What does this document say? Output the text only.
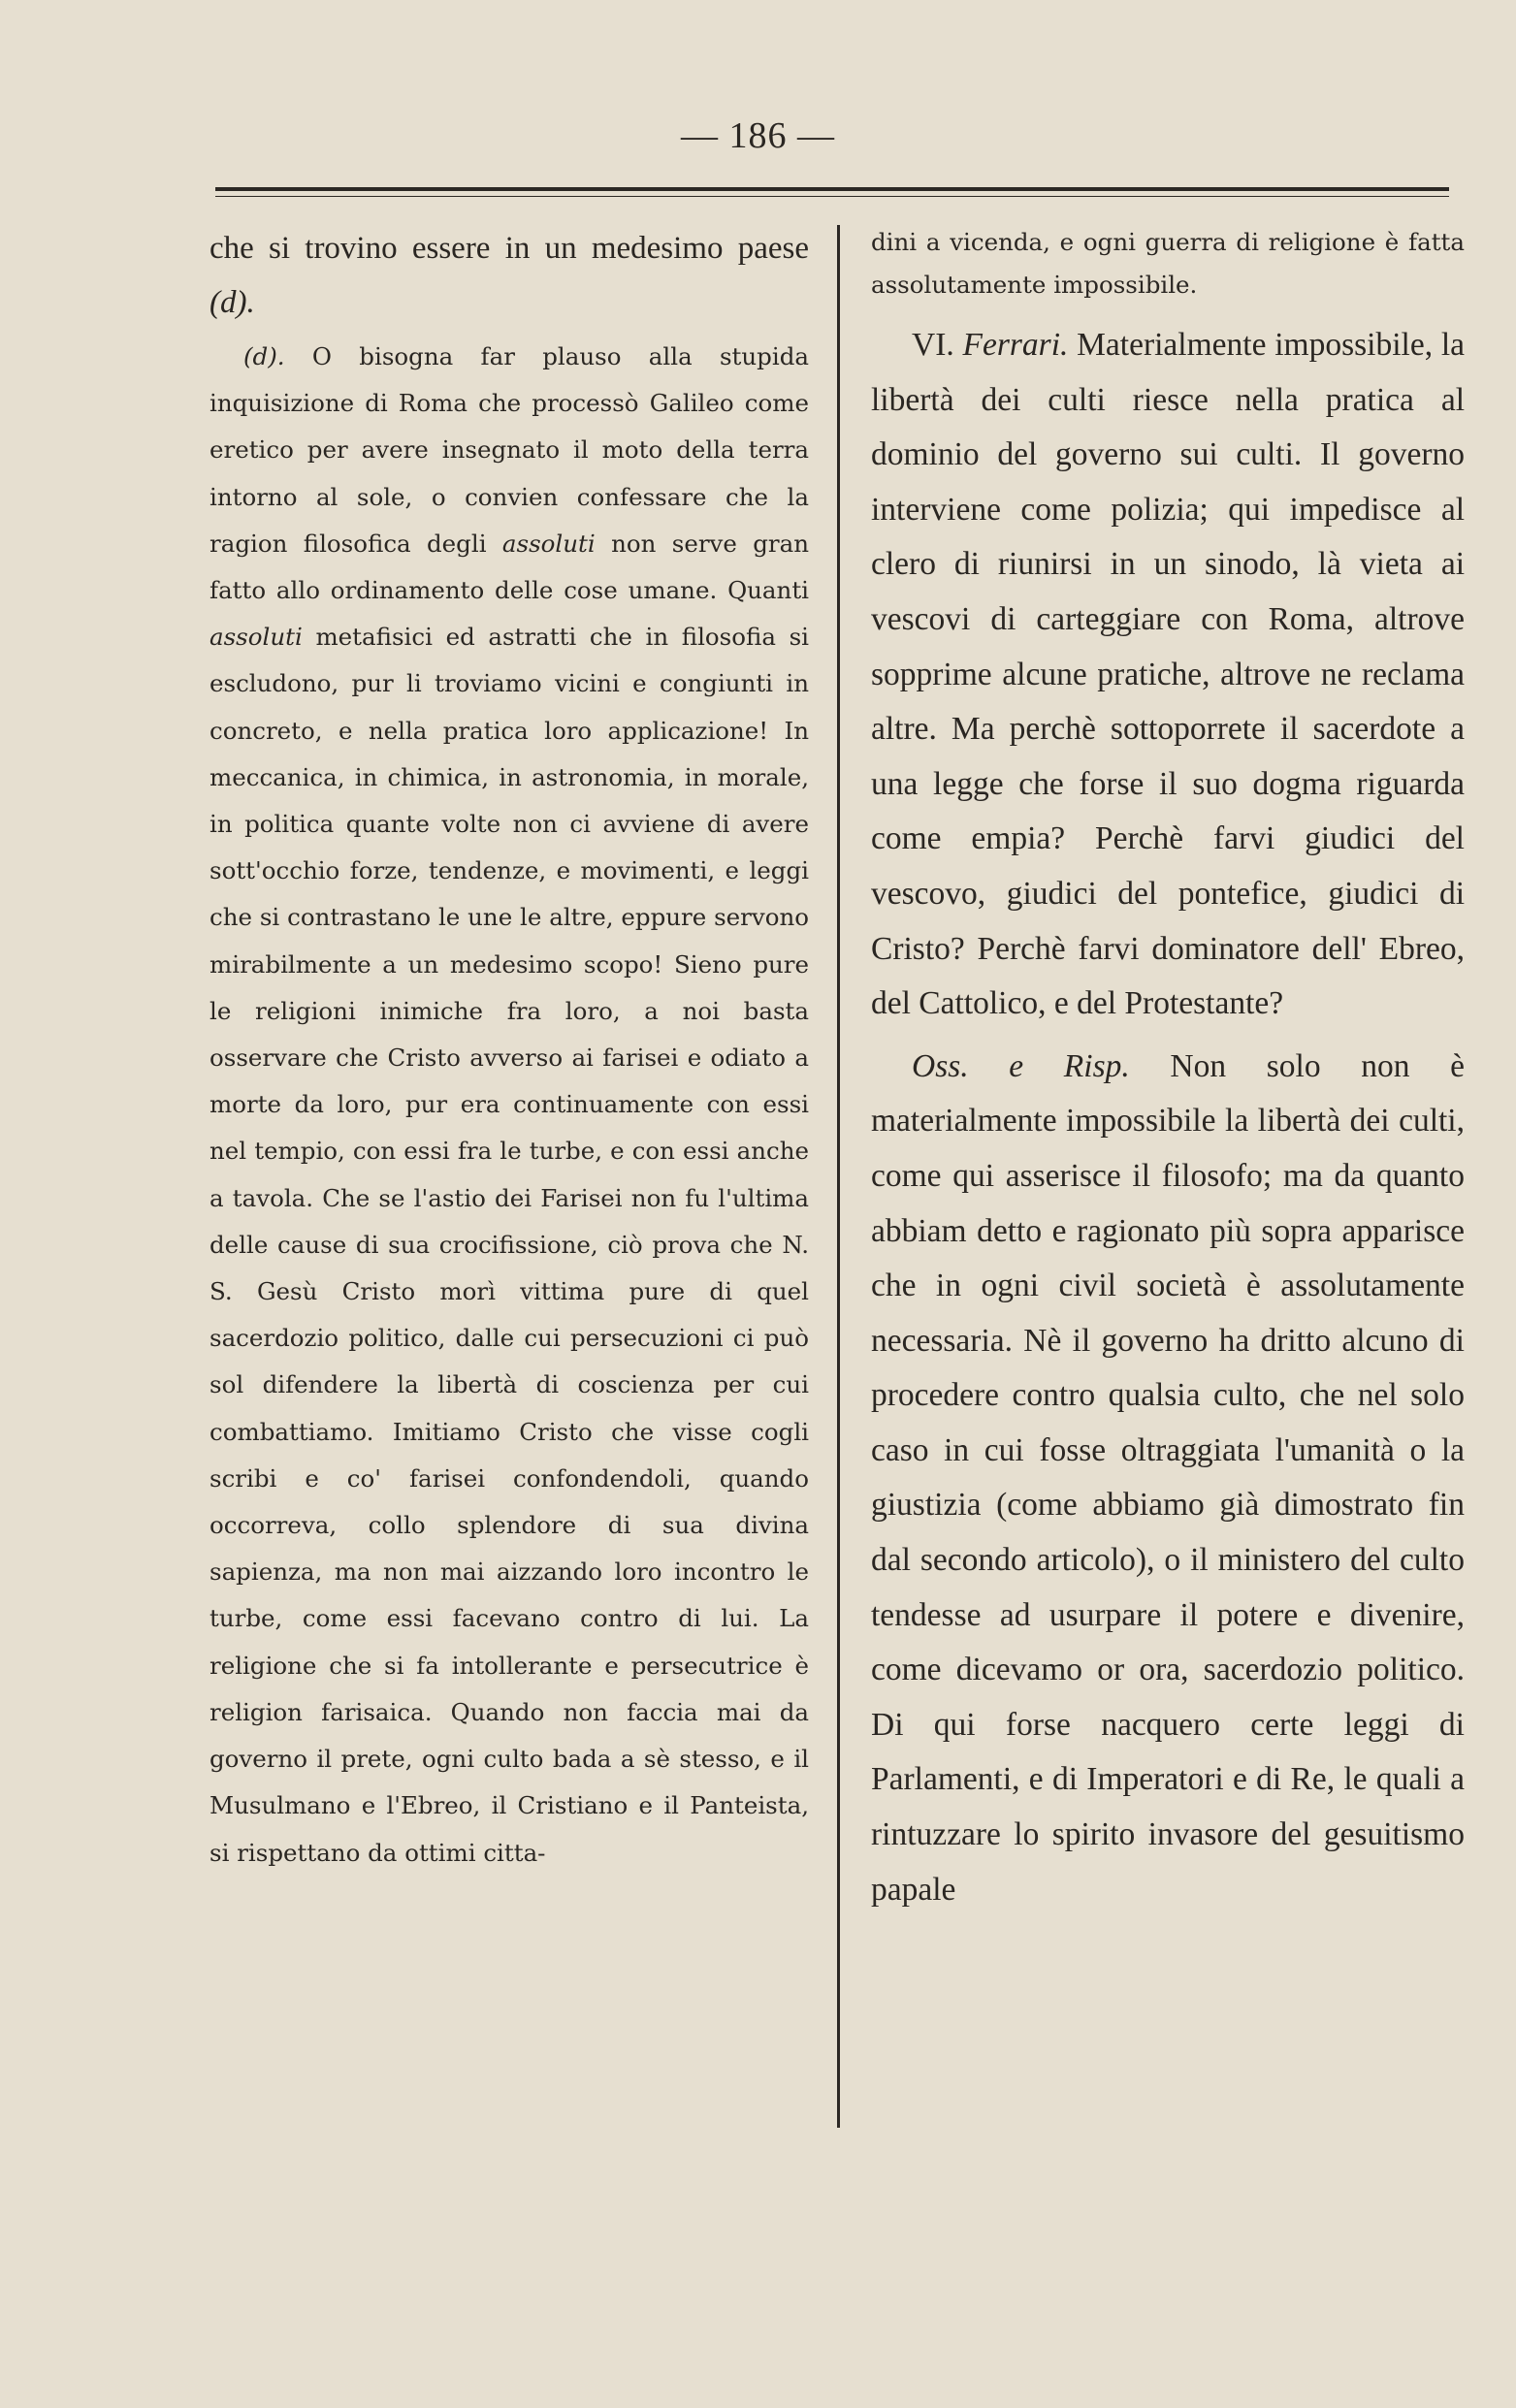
— 186 —

che si trovino essere in un medesimo paese (d).

(d). O bisogna far plauso alla stupida inquisizione di Roma che processò Galileo come eretico per avere insegnato il moto della terra intorno al sole, o convien confessare che la ragion filosofica degli assoluti non serve gran fatto allo ordinamento delle cose umane. Quanti assoluti metafisici ed astratti che in filosofia si escludono, pur li troviamo vicini e congiunti in concreto, e nella pratica loro applicazione! In meccanica, in chimica, in astronomia, in morale, in politica quante volte non ci avviene di avere sott'occhio forze, tendenze, e movimenti, e leggi che si contrastano le une le altre, eppure servono mirabilmente a un medesimo scopo! Sieno pure le religioni inimiche fra loro, a noi basta osservare che Cristo avverso ai farisei e odiato a morte da loro, pur era continuamente con essi nel tempio, con essi fra le turbe, e con essi anche a tavola. Che se l'astio dei Farisei non fu l'ultima delle cause di sua crocifissione, ciò prova che N. S. Gesù Cristo morì vittima pure di quel sacerdozio politico, dalle cui persecuzioni ci può sol difendere la libertà di coscienza per cui combattiamo. Imitiamo Cristo che visse cogli scribi e co' farisei confondendoli, quando occorreva, collo splendore di sua divina sapienza, ma non mai aizzando loro incontro le turbe, come essi facevano contro di lui. La religione che si fa intollerante e persecutrice è religion farisaica. Quando non faccia mai da governo il prete, ogni culto bada a sè stesso, e il Musulmano e l'Ebreo, il Cristiano e il Panteista, si rispettano da ottimi citta-

dini a vicenda, e ogni guerra di religione è fatta assolutamente impossibile.

VI. Ferrari. Materialmente impossibile, la libertà dei culti riesce nella pratica al dominio del governo sui culti. Il governo interviene come polizia; qui impedisce al clero di riunirsi in un sinodo, là vieta ai vescovi di carteggiare con Roma, altrove sopprime alcune pratiche, altrove ne reclama altre. Ma perchè sottoporrete il sacerdote a una legge che forse il suo dogma riguarda come empia? Perchè farvi giudici del vescovo, giudici del pontefice, giudici di Cristo? Perchè farvi dominatore dell' Ebreo, del Cattolico, e del Protestante?

Oss. e Risp. Non solo non è materialmente impossibile la libertà dei culti, come qui asserisce il filosofo; ma da quanto abbiam detto e ragionato più sopra apparisce che in ogni civil società è assolutamente necessaria. Nè il governo ha dritto alcuno di procedere contro qualsia culto, che nel solo caso in cui fosse oltraggiata l'umanità o la giustizia (come abbiamo già dimostrato fin dal secondo articolo), o il ministero del culto tendesse ad usurpare il potere e divenire, come dicevamo or ora, sacerdozio politico. Di qui forse nacquero certe leggi di Parlamenti, e di Imperatori e di Re, le quali a rintuzzare lo spirito invasore del gesuitismo papale
